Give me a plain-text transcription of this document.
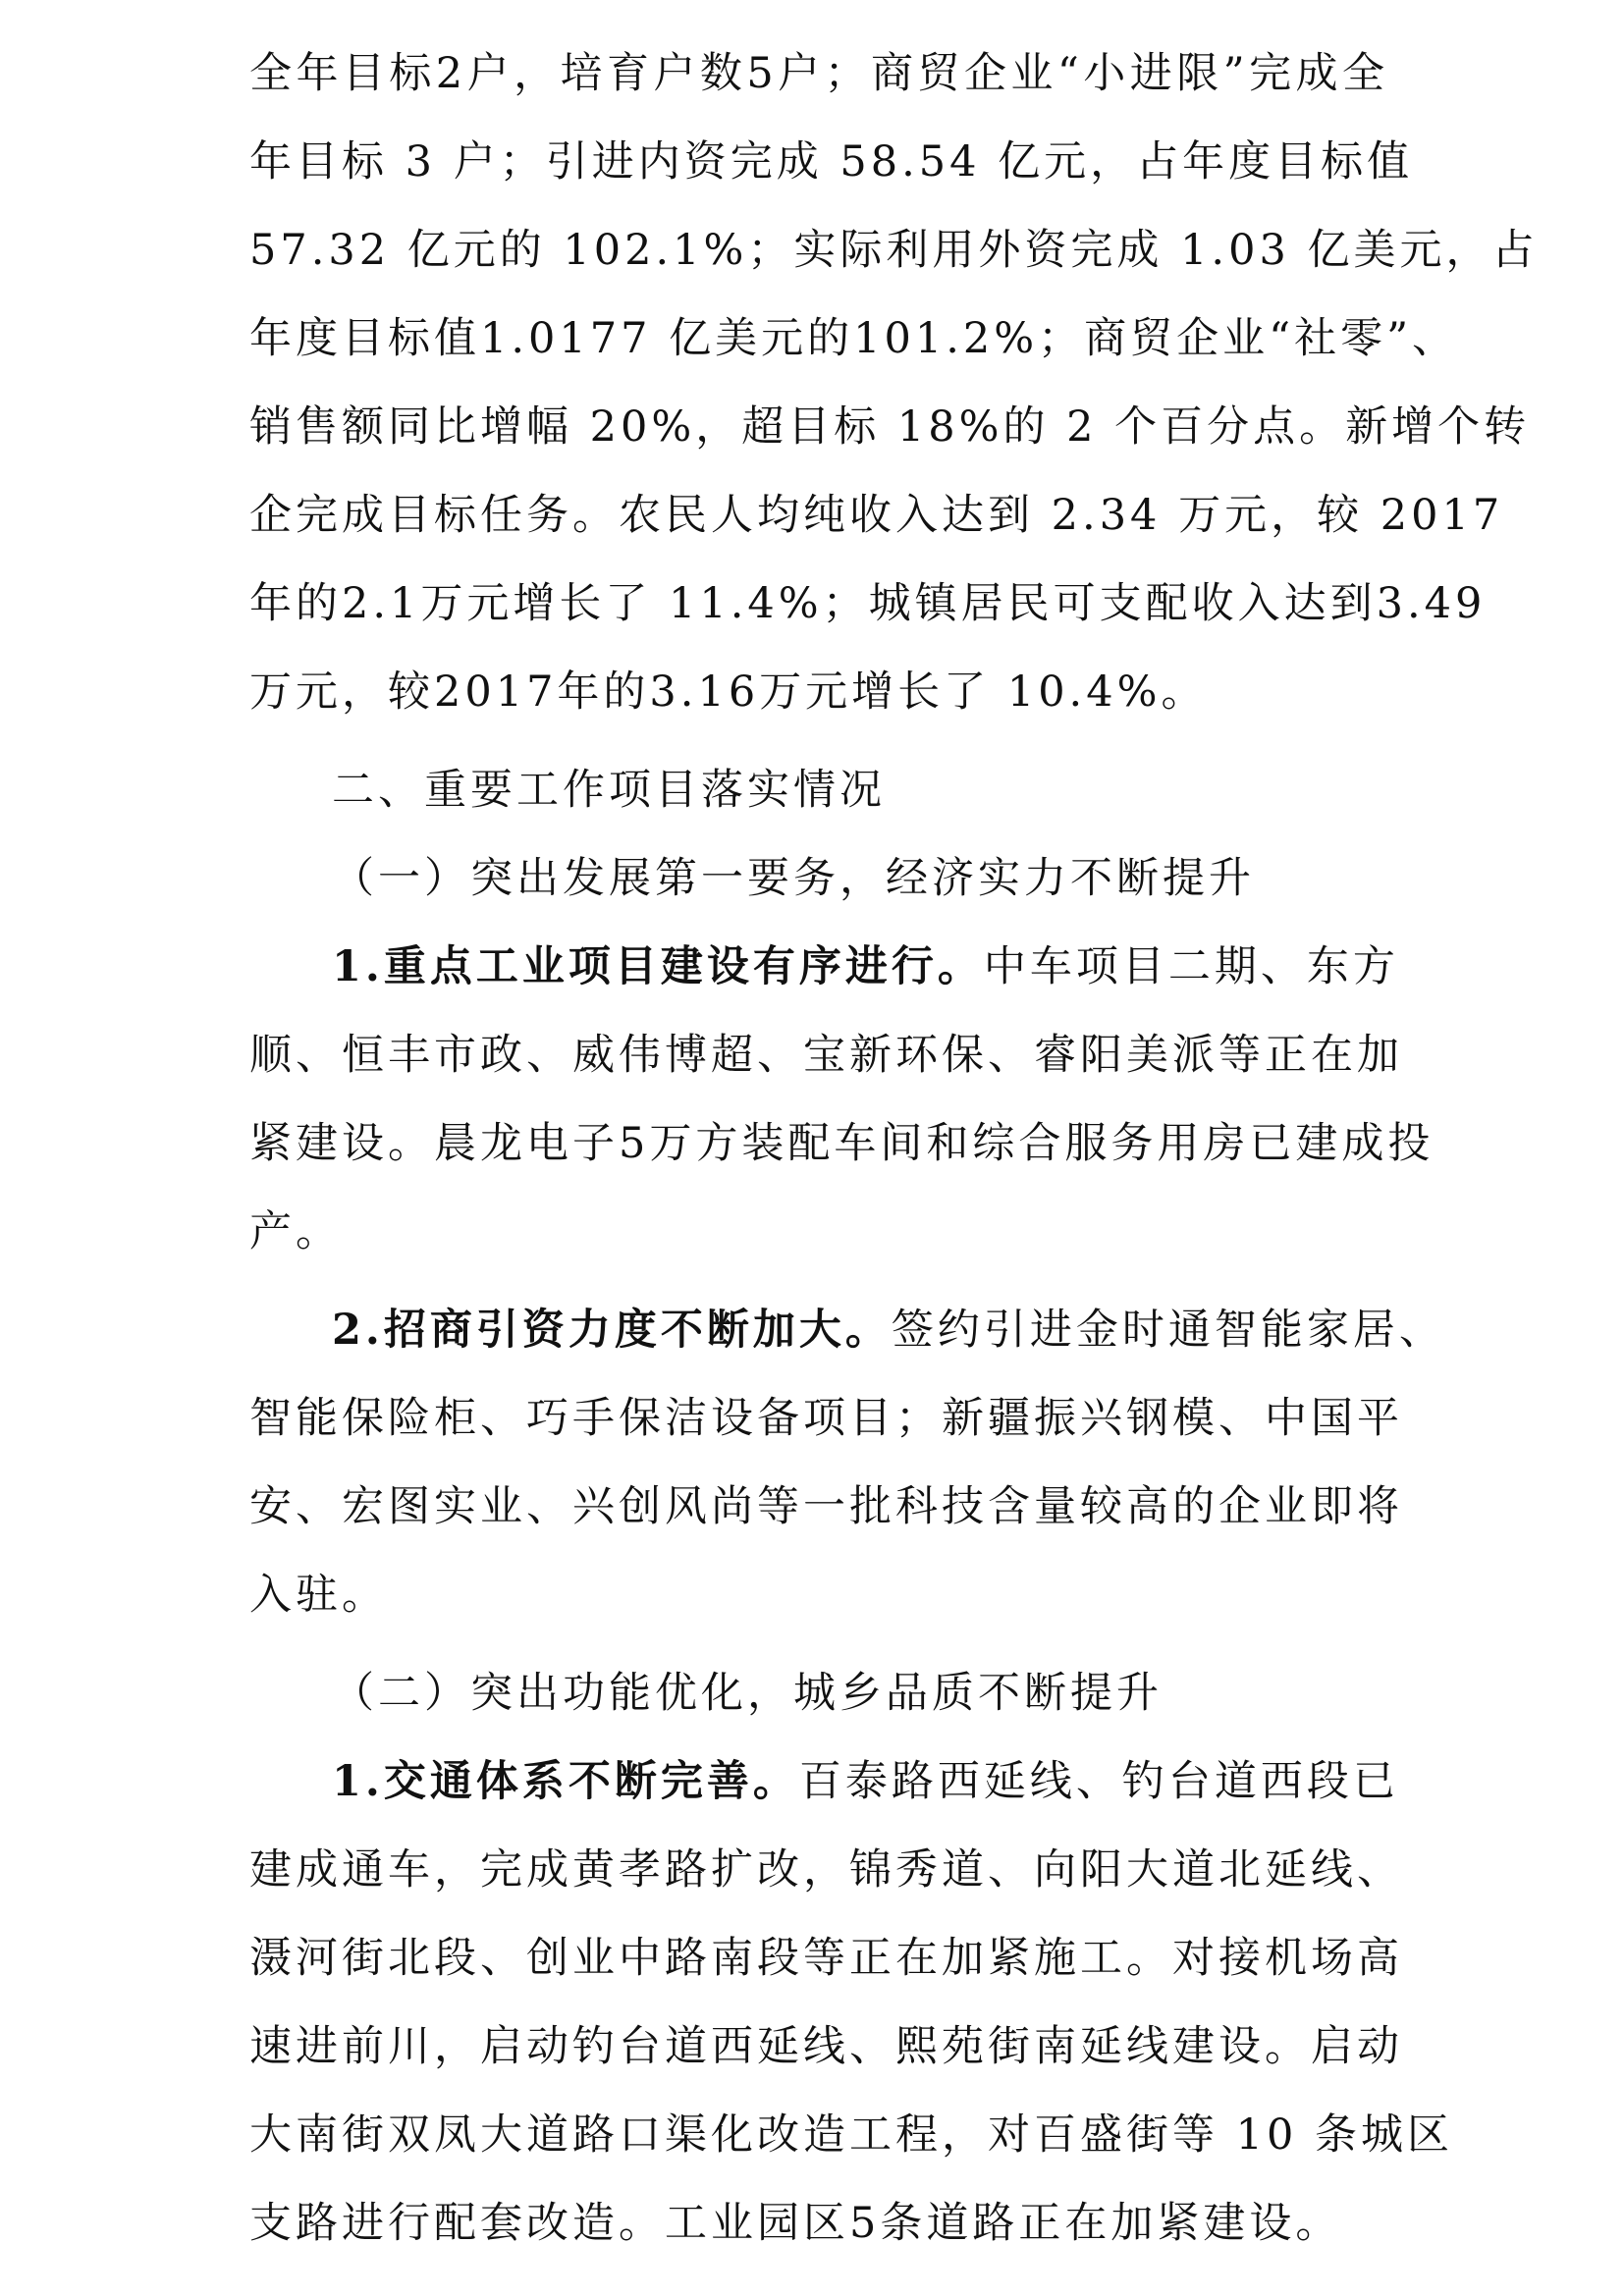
全年目标2户，培育户数5户；商贸企业“小进限”完成全
年目标 3 户；引进内资完成 58.54 亿元，占年度目标值
57.32 亿元的 102.1%；实际利用外资完成 1.03 亿美元，占
年度目标值1.0177 亿美元的101.2%；商贸企业“社零”、
销售额同比增幅 20%，超目标 18%的 2 个百分点。新增个转
企完成目标任务。农民人均纯收入达到 2.34 万元，较 2017
年的2.1万元增长了 11.4%；城镇居民可支配收入达到3.49
万元，较2017年的3.16万元增长了 10.4%。
二、重要工作项目落实情况
（一）突出发展第一要务，经济实力不断提升
1.重点工业项目建设有序进行。中车项目二期、东方
顺、恒丰市政、威伟博超、宝新环保、睿阳美派等正在加
紧建设。晨龙电子5万方装配车间和综合服务用房已建成投
产。
2.招商引资力度不断加大。签约引进金时通智能家居、
智能保险柜、巧手保洁设备项目；新疆振兴钢模、中国平
安、宏图实业、兴创风尚等一批科技含量较高的企业即将
入驻。
（二）突出功能优化，城乡品质不断提升
1.交通体系不断完善。百泰路西延线、钓台道西段已
建成通车，完成黄孝路扩改，锦秀道、向阳大道北延线、
滠河街北段、创业中路南段等正在加紧施工。对接机场高
速进前川，启动钓台道西延线、熙苑街南延线建设。启动
大南街双凤大道路口渠化改造工程，对百盛街等 10 条城区
支路进行配套改造。工业园区5条道路正在加紧建设。
